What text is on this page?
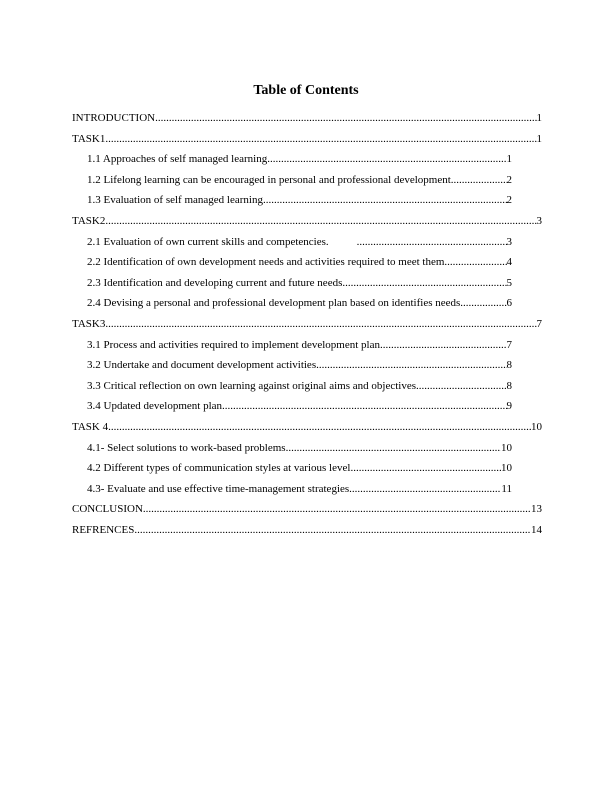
Table of Contents
INTRODUCTION .....	1
TASK1 .....	1
1.1 Approaches of self managed learning .....	1
1.2 Lifelong learning can be encouraged in personal and professional development .....	2
1.3 Evaluation of self managed learning .....	2
TASK2 .....	3
2.1 Evaluation of own current skills and competencies. .....	3
2.2 Identification of own development needs and activities required to meet them .....	4
2.3 Identification and developing current and future needs .....	5
2.4 Devising a personal and professional development plan based on identifies needs .....	6
TASK3 .....	7
3.1 Process and activities required to implement development plan .....	7
3.2 Undertake and document development activities .....	8
3.3 Critical reflection on own learning against original aims and objectives .....	8
3.4 Updated development plan .....	9
TASK 4 .....	10
4.1- Select solutions to work-based problems .....	10
4.2 Different types of communication styles at various level .....	10
4.3- Evaluate and use effective time-management strategies .....	11
CONCLUSION .....	13
REFRENCES .....	14
